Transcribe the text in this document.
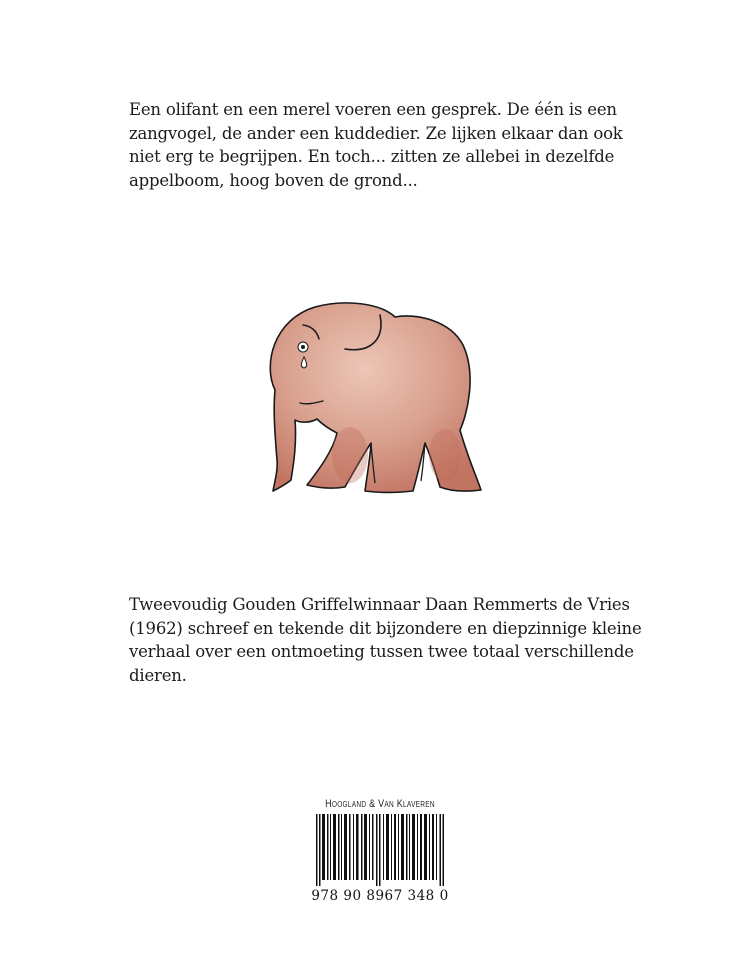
Een olifant en een merel voeren een gesprek. De één is een
zangvogel, de ander een kuddedier. Ze lijken elkaar dan ook
niet erg te begrijpen. En toch... zitten ze allebei in dezelfde
appelboom, hoog boven de grond...
Tweevoudig Gouden Griffelwinnaar Daan Remmerts de Vries
(1962) schreef en tekende dit bijzondere en diepzinnige kleine
verhaal over een ontmoeting tussen twee totaal verschillende
dieren.
Hoogland & Van Klaveren
978 90 8967 348 0
